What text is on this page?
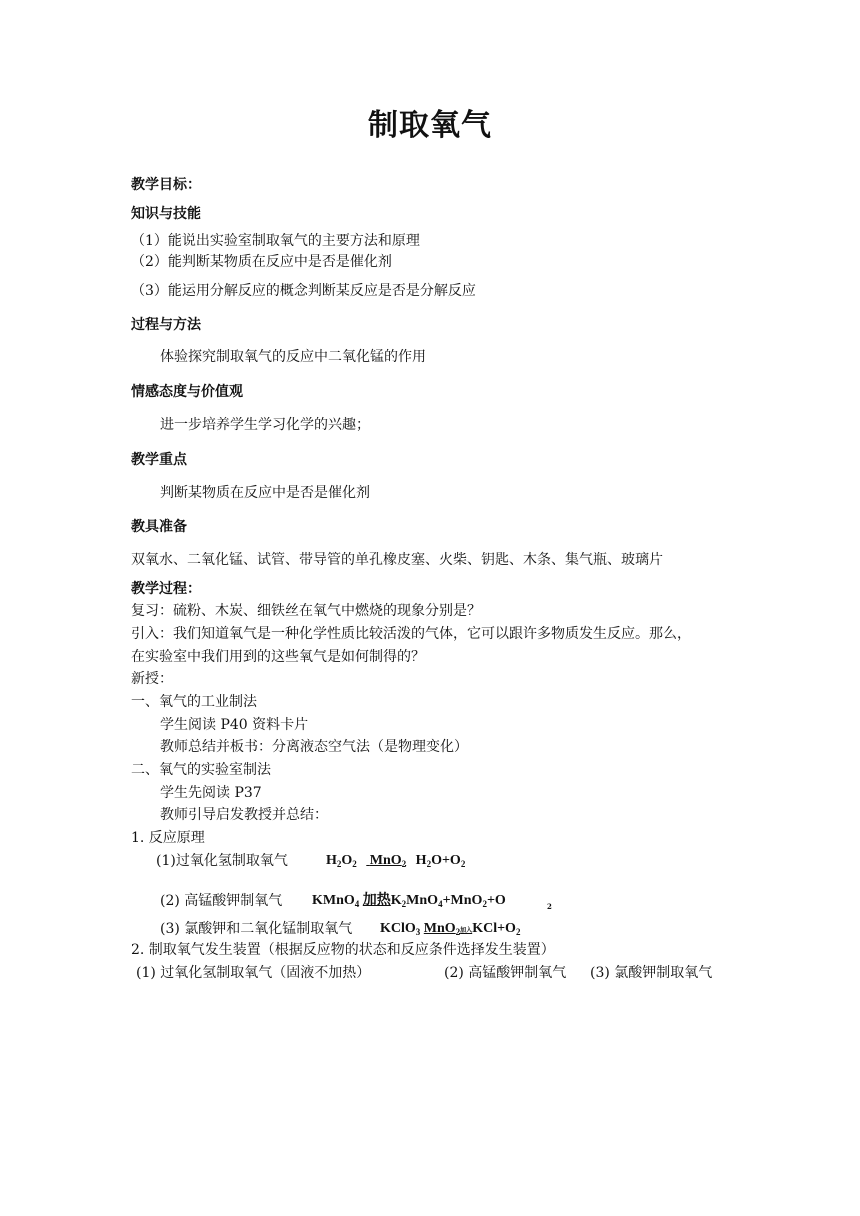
制取氧气
教学目标：
知识与技能
（1）能说出实验室制取氧气的主要方法和原理
（2）能判断某物质在反应中是否是催化剂
（3）能运用分解反应的概念判断某反应是否是分解反应
过程与方法
体验探究制取氧气的反应中二氧化锰的作用
情感态度与价值观
进一步培养学生学习化学的兴趣；
教学重点
判断某物质在反应中是否是催化剂
教具准备
双氧水、二氧化锰、试管、带导管的单孔橡皮塞、火柴、钥匙、木条、集气瓶、玻璃片
教学过程：
复习：硫粉、木炭、细铁丝在氧气中燃烧的现象分别是？
引入：我们知道氧气是一种化学性质比较活泼的气体，它可以跟许多物质发生反应。那么，
在实验室中我们用到的这些氧气是如何制得的？
新授：
一、氧气的工业制法
学生阅读 P40 资料卡片
教师总结并板书：分离液态空气法（是物理变化）
二、氧气的实验室制法
学生先阅读 P37
教师引导启发教授并总结：
1. 反应原理
(1)过氧化氢制取氧气	$H_2O_2$ MnO$_2$ $H_2O+O_2$
(2) 高锰酸钾制氧气 KMnO$_4$ 加热$K_2MnO_4+MnO_2+O$	2
(3) 氯酸钾和二氧化锰制取氧气 KClO$_3$ MnO$_2$加入$KCl+O_2$
2. 制取氧气发生装置（根据反应物的状态和反应条件选择发生装置）
(1) 过氧化氢制取氧气（固液不加热）	(2) 高锰酸钾制氧气 (3) 氯酸钾制取氧气
